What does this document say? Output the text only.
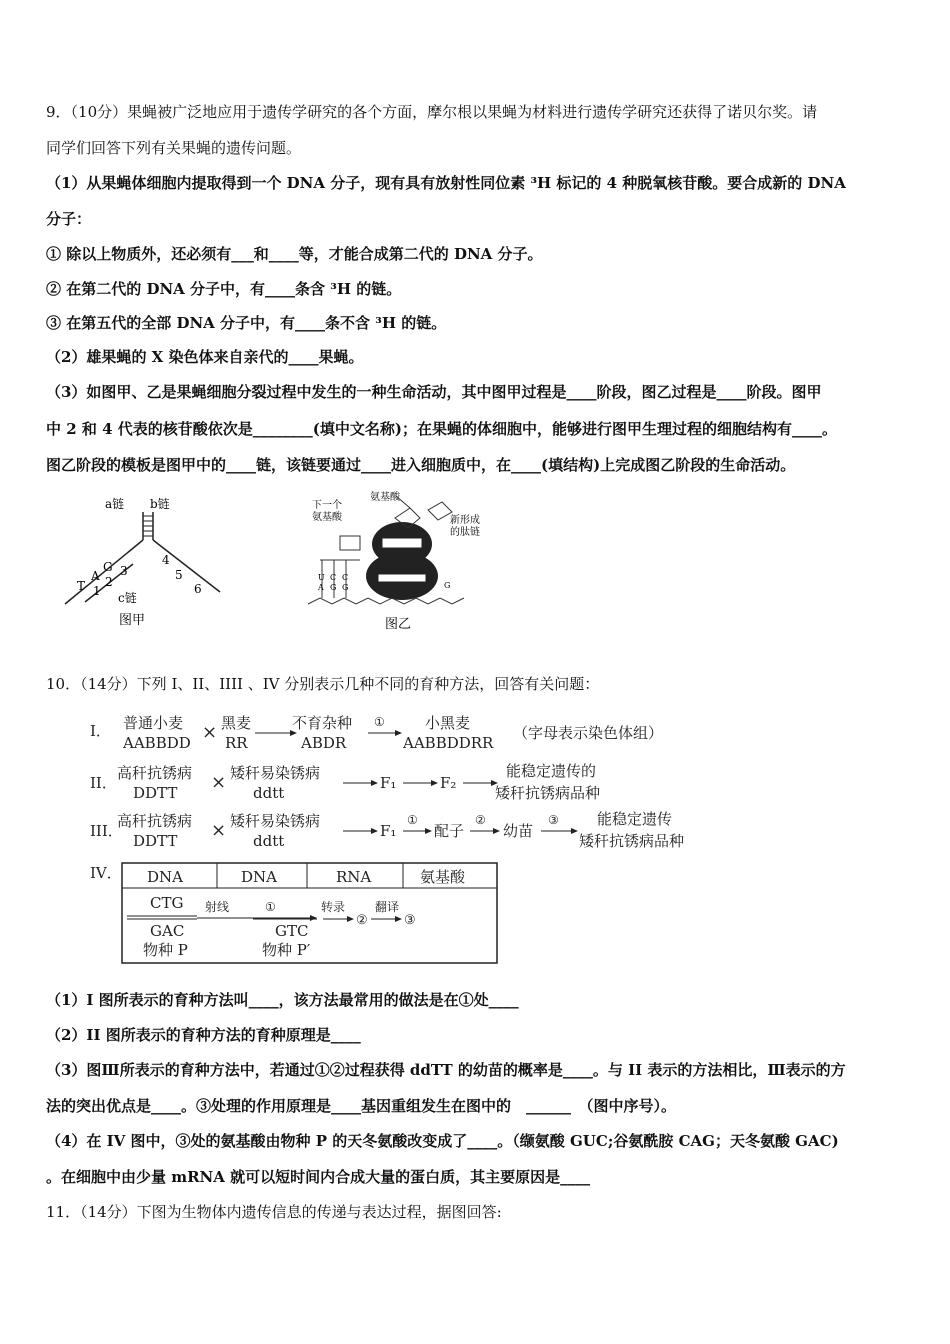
9．（10分）果蝇被广泛地应用于遗传学研究的各个方面，摩尔根以果蝇为材料进行遗传学研究还获得了诺贝尔奖。请
同学们回答下列有关果蝇的遗传问题。
（1）从果蝇体细胞内提取得到一个 DNA 分子，现有具有放射性同位素 ³H 标记的 4 种脱氧核苷酸。要合成新的 DNA
分子：
① 除以上物质外，还必须有___和____等，才能合成第二代的 DNA 分子。
② 在第二代的 DNA 分子中，有____条含 ³H 的链。
③ 在第五代的全部 DNA 分子中，有____条不含 ³H 的链。
（2）雄果蝇的 X 染色体来自亲代的____果蝇。
（3）如图甲、乙是果蝇细胞分裂过程中发生的一种生命活动，其中图甲过程是____阶段，图乙过程是____阶段。图甲
中 2 和 4 代表的核苷酸依次是________(填中文名称)；在果蝇的体细胞中，能够进行图甲生理过程的细胞结构有____。
图乙阶段的模板是图甲中的____链，该链要通过____进入细胞质中，在____(填结构)上完成图乙阶段的生命活动。
a链 b链
G
A
T
3
1
2
4
5
6
c链
图甲
下一个
氨基酸
氨基酸
新形成
的肽链
U C C
A G G	G
图乙
10．（14分）下列 I、II、IIII 、IV 分别表示几种不同的育种方法，回答有关问题：
I． 普通小麦
AABBDD × 黑麦
RR
不育杂种
ABDR
①	小黑麦
AABBDDRR
（字母表示染色体组）
II．
高秆抗锈病
DDTT × 矮秆易染锈病
ddtt
F₁	F₂
能稳定遗传的
矮秆抗锈病品种
III．
高秆抗锈病
DDTT × 矮秆易染锈病
ddtt
F₁
①
配子
②
幼苗
③	能稳定遗传
矮秆抗锈病品种
IV． DNA	DNA	RNA	氨基酸
CTG
GAC
物种 P
射线	①
GTC
物种 P′
转录
②
翻译
③
（1）I 图所表示的育种方法叫____，该方法最常用的做法是在①处____
（2）II 图所表示的育种方法的育种原理是____
（3）图Ⅲ所表示的育种方法中，若通过①②过程获得 ddTT 的幼苗的概率是____。与 II 表示的方法相比，Ⅲ表示的方
法的突出优点是____。③处理的作用原理是____基因重组发生在图中的　______　（图中序号）。
（4）在 IV 图中，③处的氨基酸由物种 P 的天冬氨酸改变成了____。（缬氨酸 GUC;谷氨酰胺 CAG；天冬氨酸 GAC)
。在细胞中由少量 mRNA 就可以短时间内合成大量的蛋白质，其主要原因是____
11．（14分）下图为生物体内遗传信息的传递与表达过程，据图回答:
